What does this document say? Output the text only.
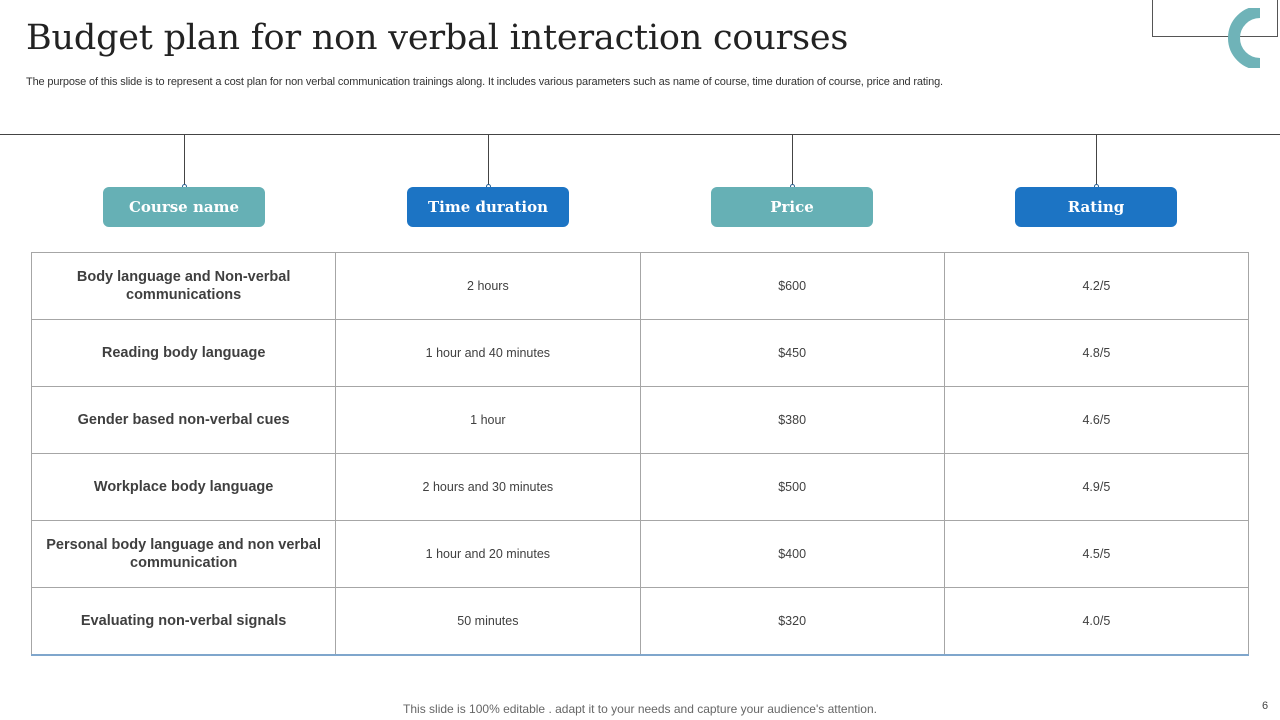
Budget plan for non verbal interaction courses

The purpose of this slide is to represent a cost plan for non verbal communication trainings along. It includes various parameters such as name of course, time duration of course, price and rating.

Course name	Time duration	Price	Rating
Body language and Non-verbal communications	2 hours	$600	4.2/5
Reading body language	1 hour and 40 minutes	$450	4.8/5
Gender based non-verbal cues	1 hour	$380	4.6/5
Workplace body language	2 hours and 30 minutes	$500	4.9/5
Personal body language and non verbal communication	1 hour and 20 minutes	$400	4.5/5
Evaluating non-verbal signals	50 minutes	$320	4.0/5

This slide is 100% editable . adapt it to your needs and capture your audience's attention.	6
